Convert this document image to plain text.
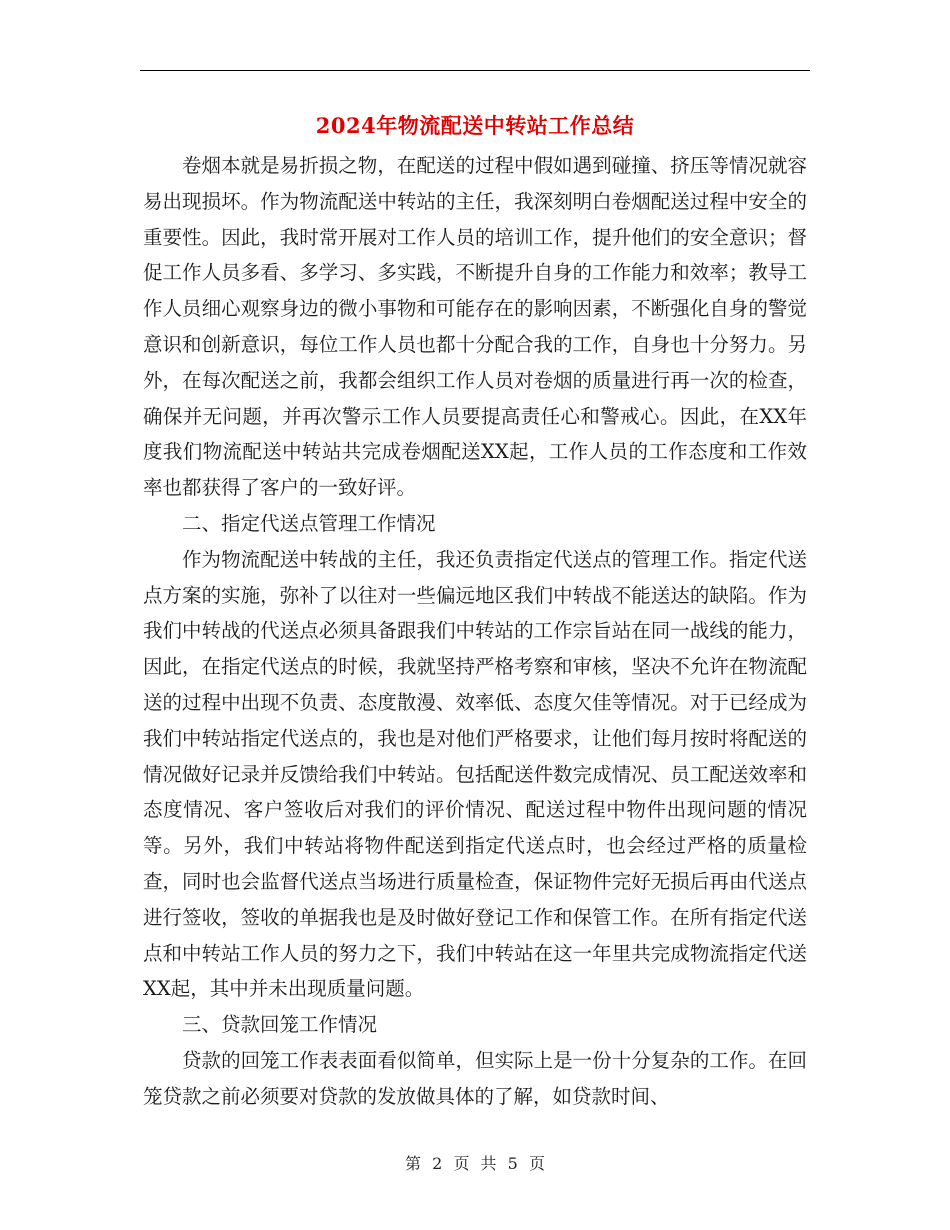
2024年物流配送中转站工作总结

卷烟本就是易折损之物，在配送的过程中假如遇到碰撞、挤压等情况就容易出现损坏。作为物流配送中转站的主任，我深刻明白卷烟配送过程中安全的重要性。因此，我时常开展对工作人员的培训工作，提升他们的安全意识；督促工作人员多看、多学习、多实践，不断提升自身的工作能力和效率；教导工作人员细心观察身边的微小事物和可能存在的影响因素，不断强化自身的警觉意识和创新意识，每位工作人员也都十分配合我的工作，自身也十分努力。另外，在每次配送之前，我都会组织工作人员对卷烟的质量进行再一次的检查，确保并无问题，并再次警示工作人员要提高责任心和警戒心。因此，在XX年度我们物流配送中转站共完成卷烟配送XX起，工作人员的工作态度和工作效率也都获得了客户的一致好评。

二、指定代送点管理工作情况

作为物流配送中转战的主任，我还负责指定代送点的管理工作。指定代送点方案的实施，弥补了以往对一些偏远地区我们中转战不能送达的缺陷。作为我们中转战的代送点必须具备跟我们中转站的工作宗旨站在同一战线的能力，因此，在指定代送点的时候，我就坚持严格考察和审核，坚决不允许在物流配送的过程中出现不负责、态度散漫、效率低、态度欠佳等情况。对于已经成为我们中转站指定代送点的，我也是对他们严格要求，让他们每月按时将配送的情况做好记录并反馈给我们中转站。包括配送件数完成情况、员工配送效率和态度情况、客户签收后对我们的评价情况、配送过程中物件出现问题的情况等。另外，我们中转站将物件配送到指定代送点时，也会经过严格的质量检查，同时也会监督代送点当场进行质量检查，保证物件完好无损后再由代送点进行签收，签收的单据我也是及时做好登记工作和保管工作。在所有指定代送点和中转站工作人员的努力之下，我们中转站在这一年里共完成物流指定代送XX起，其中并未出现质量问题。

三、贷款回笼工作情况

贷款的回笼工作表表面看似简单，但实际上是一份十分复杂的工作。在回笼贷款之前必须要对贷款的发放做具体的了解，如贷款时间、

第 2 页 共 5 页
